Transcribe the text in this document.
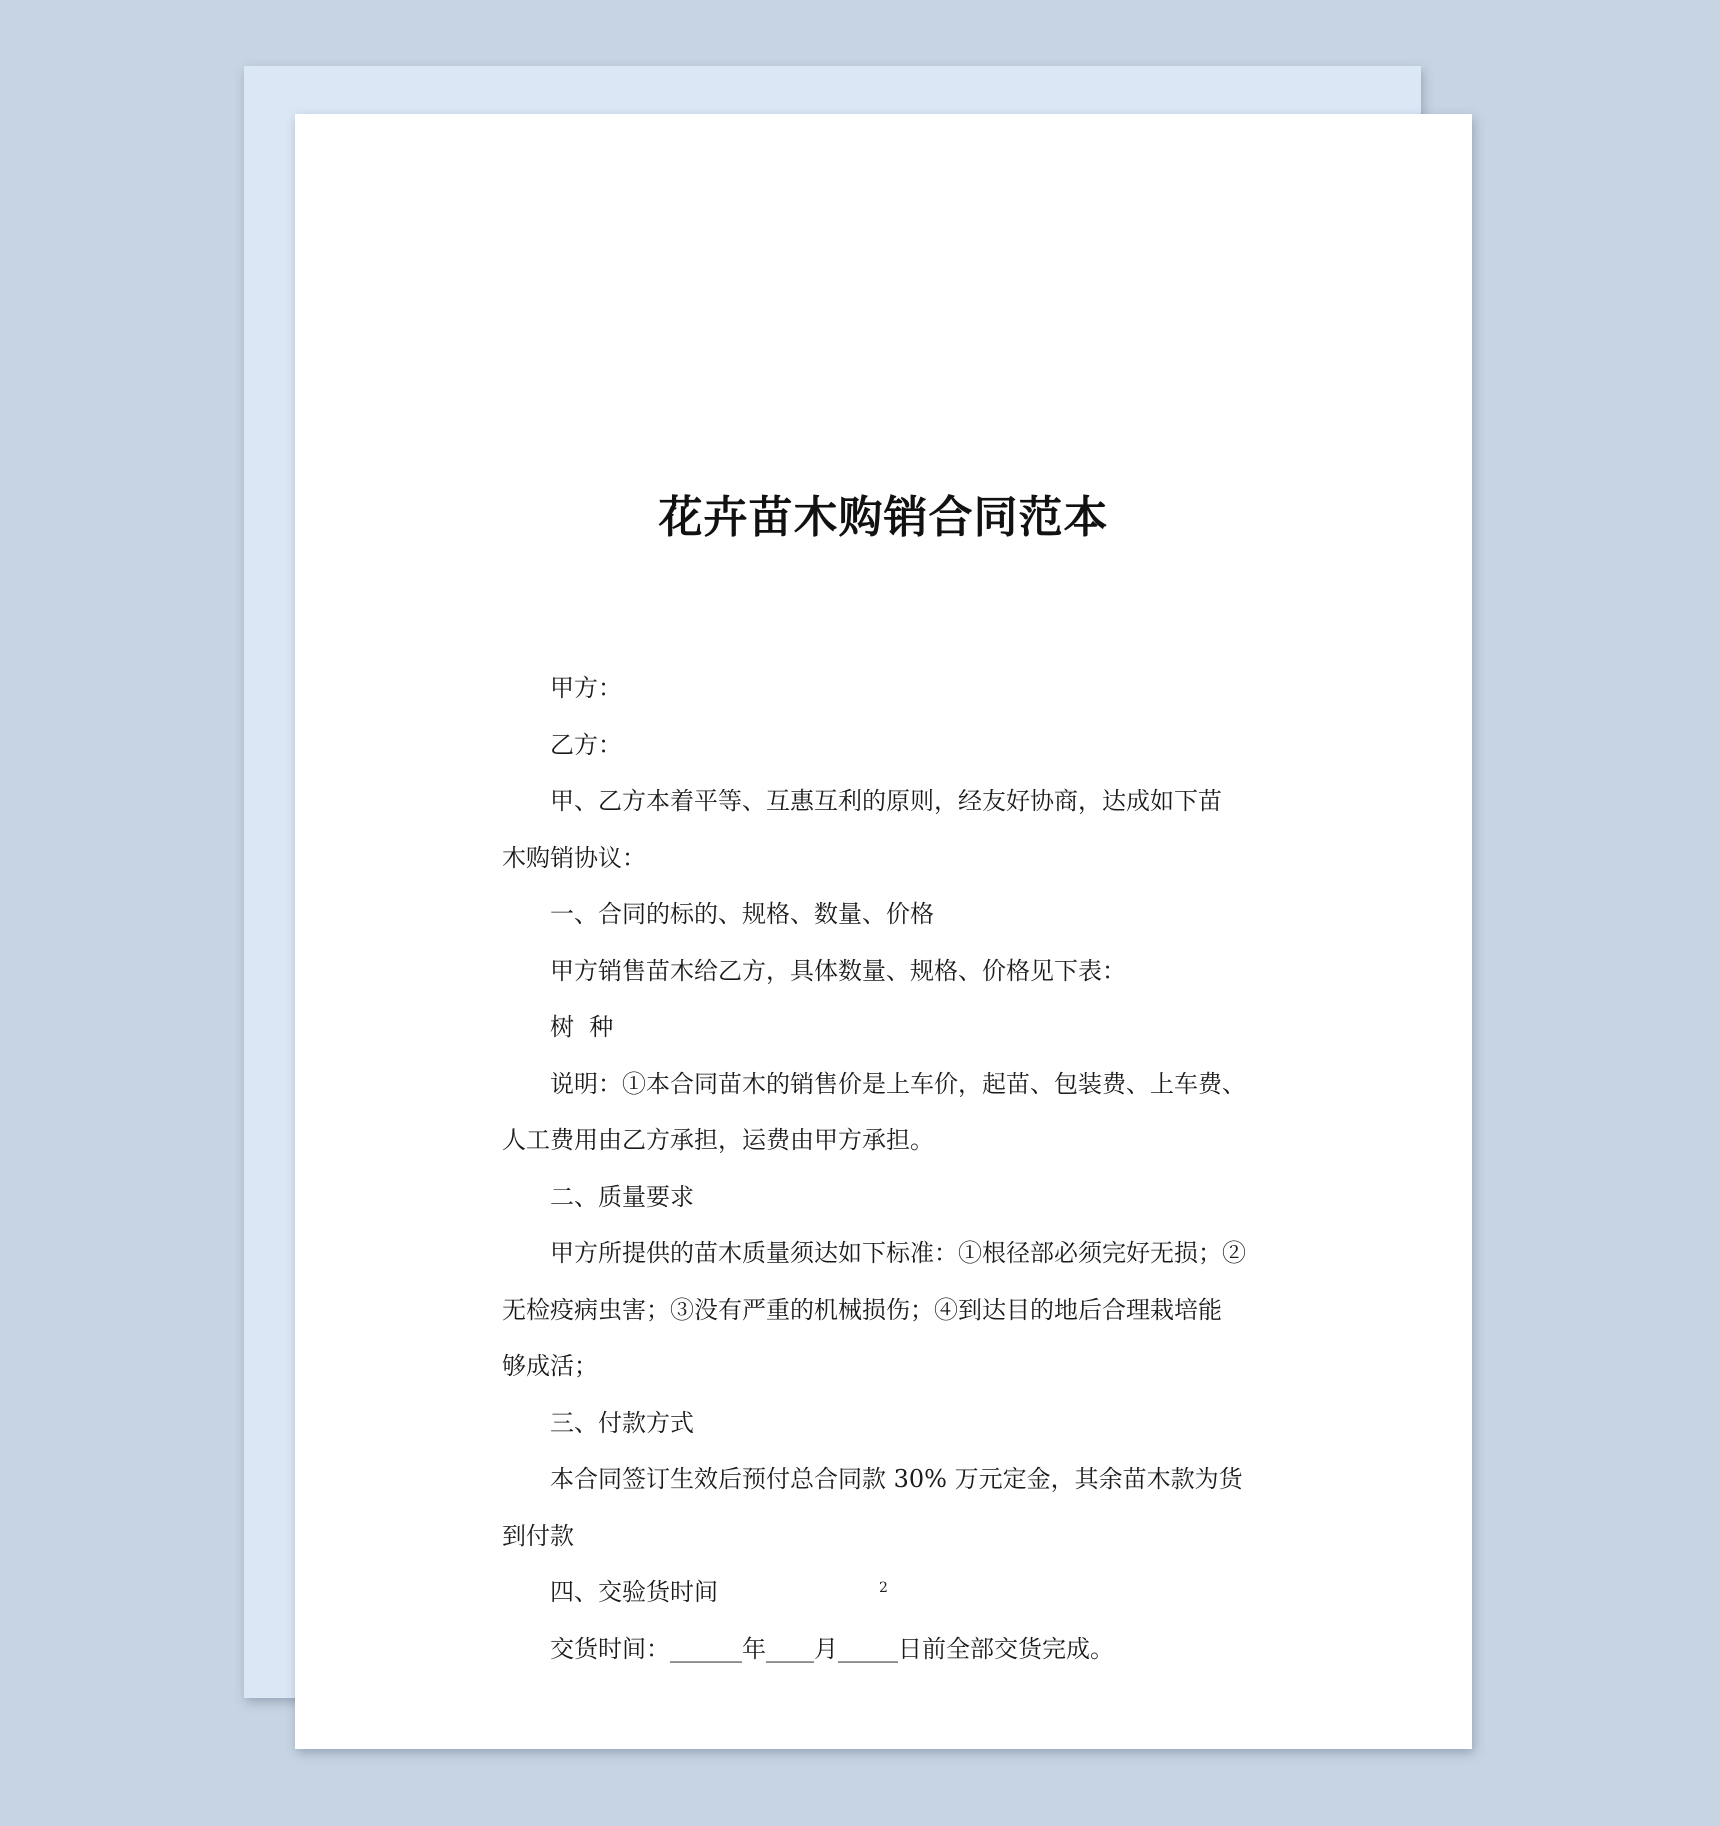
花卉苗木购销合同范本

甲方：

乙方：

甲、乙方本着平等、互惠互利的原则，经友好协商，达成如下苗

木购销协议：

一、合同的标的、规格、数量、价格

甲方销售苗木给乙方，具体数量、规格、价格见下表：

树  种

说明：①本合同苗木的销售价是上车价，起苗、包装费、上车费、

人工费用由乙方承担，运费由甲方承担。

二、质量要求

甲方所提供的苗木质量须达如下标准：①根径部必须完好无损；②

无检疫病虫害；③没有严重的机械损伤；④到达目的地后合理栽培能

够成活；

三、付款方式

本合同签订生效后预付总合同款 30% 万元定金，其余苗木款为货

到付款

四、交验货时间

交货时间：______年____月_____日前全部交货完成。

2
